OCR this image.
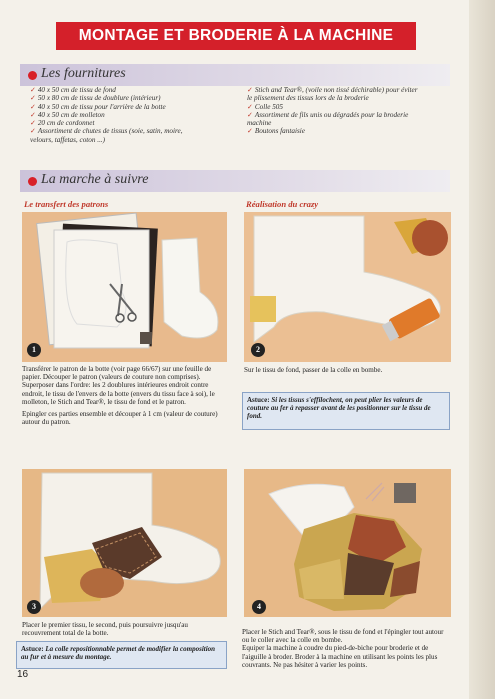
MONTAGE ET BRODERIE À LA MACHINE
Les fournitures
✓ 40 x 50 cm de tissu de fond
✓ 50 x 80 cm de tissu de doublure (intérieur)
✓ 40 x 50 cm de tissu pour l'arrière de la botte
✓ 40 x 50 cm de molleton
✓ 20 cm de cordonnet
✓ Assortiment de chutes de tissus (soie, satin, moire,
velours, taffetas, coton ...)
✓ Stich and Tear®, (voile non tissé déchirable) pour éviter
le plissement des tissus lors de la broderie
✓ Colle 505
✓ Assortiment de fils unis ou dégradés pour la broderie
machine
✓ Boutons fantaisie
La marche à suivre
Le transfert des patrons	Réalisation du crazy
1

Transférer le patron de la botte (voir page 66/67) sur une feuille de papier. Découper le patron (valeurs de couture non comprises).

Superposer dans l'ordre: les 2 doublures intérieures endroit contre endroit, le tissu de l'envers de la botte (envers du tissu face à soi), le molleton, le Stich and Tear®, le tissu de fond et le patron.

Epingler ces parties ensemble et découper à 1 cm (valeur de couture) autour du patron.

2
Sur le tissu de fond, passer de la colle en bombe.
Astuce: Si les tissus s'effilochent, on peut plier les valeurs de couture au fer à repasser avant de les positionner sur le tissu de fond.
3
Placer le premier tissu, le second, puis poursuivre jusqu'au recouvrement total de la botte.
Astuce: La colle repositionnable permet de modifier la composition au fur et à mesure du montage.
4

Placer le Stich and Tear®, sous le tissu de fond et l'épingler tout autour ou le coller avec la colle en bombe.

Equiper la machine à coudre du pied-de-biche pour broderie et de l'aiguille à broder. Broder à la machine en utilisant les points les plus couvrants. Ne pas hésiter à varier les points.

16
